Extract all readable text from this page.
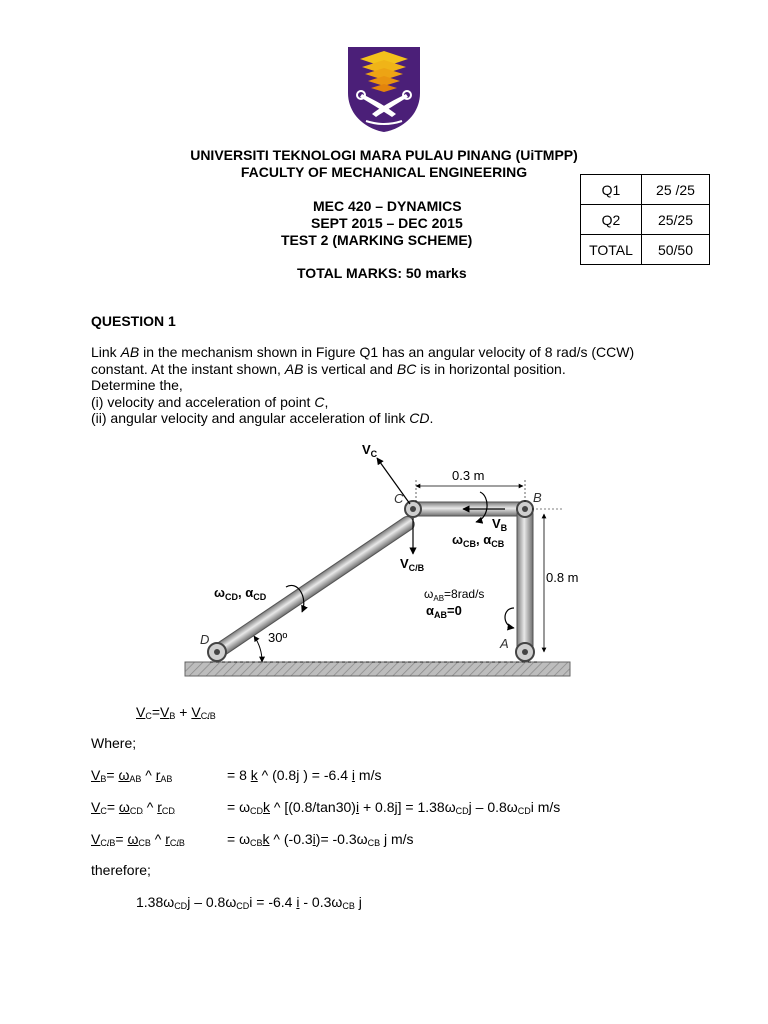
UNIVERSITI TEKNOLOGI MARA PULAU PINANG (UiTMPP)
FACULTY OF MECHANICAL ENGINEERING
MEC 420 – DYNAMICS
SEPT 2015 – DEC 2015
TEST 2 (MARKING SCHEME)
TOTAL MARKS: 50 marks
Q1	25 /25
Q2	25/25
TOTAL	50/50
QUESTION 1
Link AB in the mechanism shown in Figure Q1 has an angular velocity of 8 rad/s (CCW)
constant. At the instant shown, AB is vertical and BC is in horizontal position.
Determine the,
(i) velocity and acceleration of point C,
(ii) angular velocity and angular acceleration of link CD.
0.3 m
0.8 m
C	B
D	A
$V_C$
$V_{C/B}$
$V_B$
$\omega_{CB}$, $\alpha_{CB}$
$\omega_{CD}$, $\alpha_{CD}$
30º
$\omega_{AB}=8rad/s$
$\alpha_{AB}=0$
$V_C=V_B + V_{C/B}$
Where;
$V_B= \omega_{AB}$ ^ $r_{AB}$	= 8 k ^ (0.8j ) = -6.4 i m/s
$V_C= \omega_{CD}$ ^ $r_{CD}$	= $\omega_{CD}k$ ^ $[(0.8/\tan 30)i + 0.8j] = 1.38\omega_{CD}j - 0.8\omega_{CD}i$ m/s
$V_{C/B}= \omega_{CB}$ ^ $r_{C/B}$	= $\omega_{CB}k$ ^ $(-0.3i)= -0.3\omega_{CB}$ j m/s
therefore;
$1.38\omega_{CD}j - 0.8\omega_{CD}i = -6.4$ i - $0.3\omega_{CB}$ j
